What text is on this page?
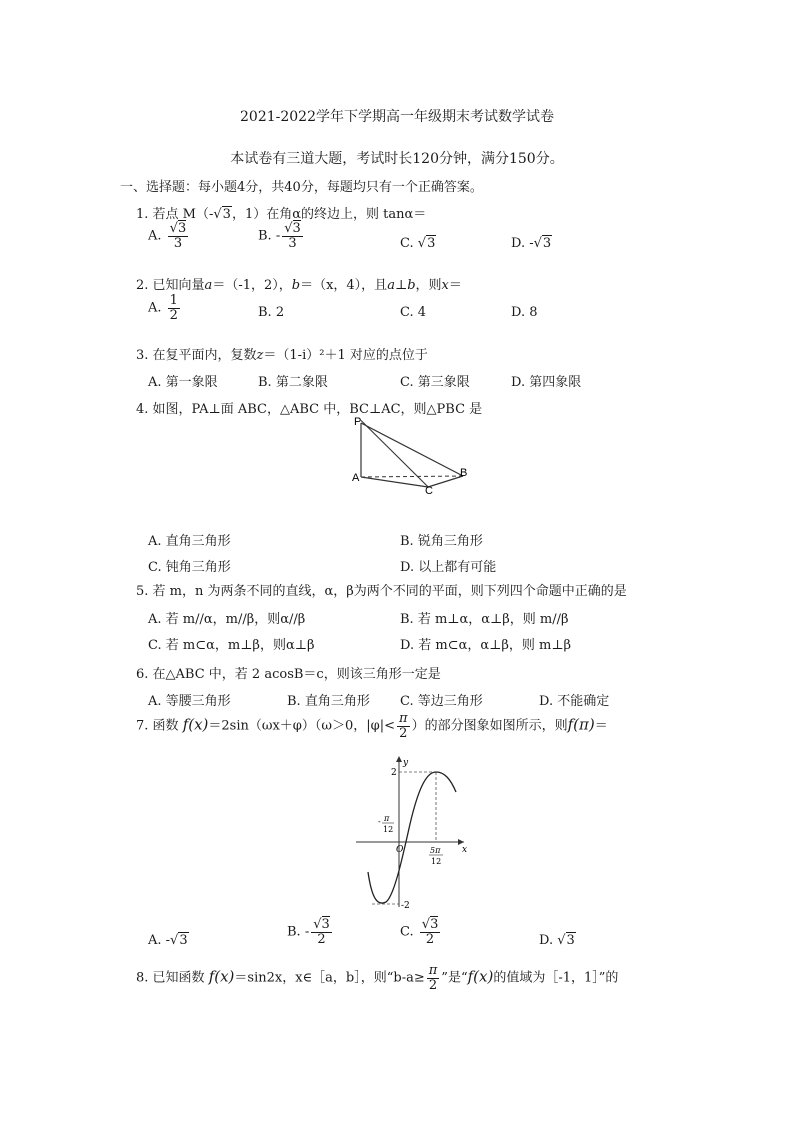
2021-2022学年下学期高一年级期末考试数学试卷
本试卷有三道大题，考试时长120分钟，满分150分。
一、选择题：每小题4分，共40分，每题均只有一个正确答案。
1. 若点 M（-√3，1）在角α的终边上，则 tanα＝
A. $\frac{√3}{3}$	B. - $\frac{√3}{3}$	C. √3	D. -√3
2. 已知向量a＝（-1，2），b＝（x，4），且a⊥b，则x＝
A. $\frac{1}{2}$	B. 2	C. 4	D. 8
3. 在复平面内，复数z＝（1-i）²＋1 对应的点位于
A. 第一象限	B. 第二象限	C. 第三象限	D. 第四象限
4. 如图，PA⊥面 ABC，△ABC 中，BC⊥AC，则△PBC 是
P
A	B
C
A. 直角三角形	B. 锐角三角形
C. 钝角三角形	D. 以上都有可能
5. 若 m，n 为两条不同的直线，α，β为两个不同的平面，则下列四个命题中正确的是
A. 若 m//α，m//β，则α//β	B. 若 m⊥α，α⊥β，则 m//β
C. 若 m⊂α，m⊥β，则α⊥β	D. 若 m⊂α，α⊥β，则 m⊥β
6. 在△ABC 中，若 2 acosB＝c，则该三角形一定是
A. 等腰三角形	B. 直角三角形 C. 等边三角形	D. 不能确定
7. 函数 f(x)＝2sin（ωx＋φ）（ω＞0，$|\varphi|< \frac{\pi}{2}$ ）的部分图象如图所示，则f(π)＝
y
x
2
-2
O
- π
12
5π
12
A. -√3
B. - $\frac{√3}{2}$	C. $\frac{√3}{2}$	D. √3
8. 已知函数 f(x)＝sin2x，x∈［a，b］，则“$b-a\ge \frac{\pi}{2}$ ”是“f(x)的值域为［-1，1］”的
